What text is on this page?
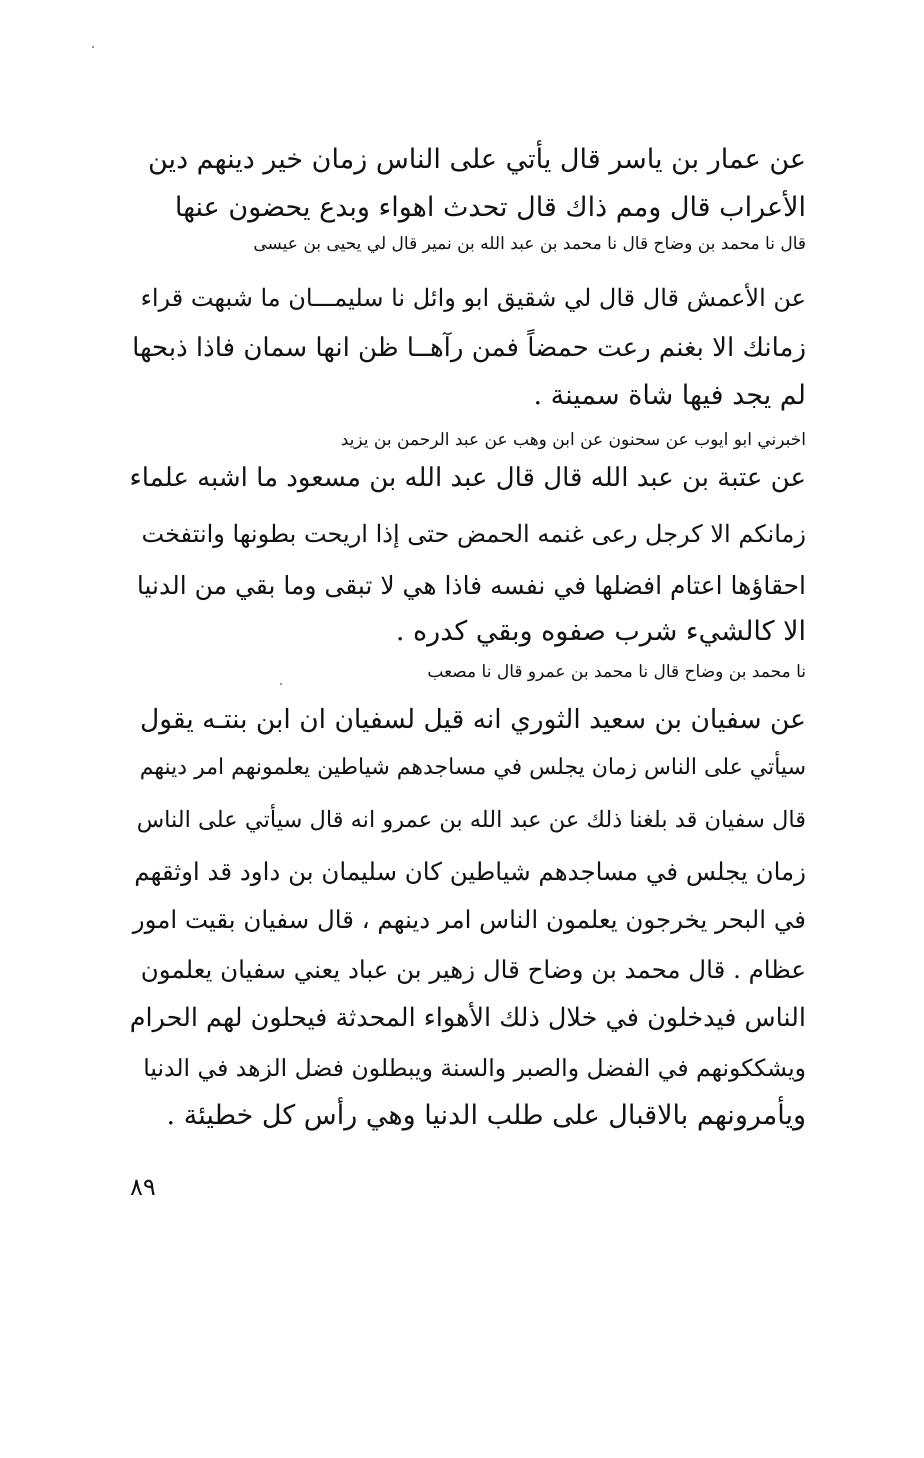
عن عمار بن ياسر قال يأتي على الناس زمان خير دينهم دين
الأعراب قال ومم ذاك قال تحدث اهواء وبدع يحضون عنها
قال نا محمد بن وضاح قال نا محمد بن عبد الله بن نمير قال لي يحيى بن عيسى
عن الأعمش قال قال لي شقيق ابو وائل نا سليمـــان ما شبهت قراء
زمانك الا بغنم رعت حمضاً فمن رآهــا ظن انها سمان فاذا ذبحها
لم يجد فيها شاة سمينة .
اخبرني ابو ايوب عن سحنون عن ابن وهب عن عبد الرحمن بن يزيد
عن عتبة بن عبد الله قال قال عبد الله بن مسعود ما اشبه علماء
زمانكم الا كرجل رعى غنمه الحمض حتى إذا اريحت بطونها وانتفخت
احقاؤها اعتام افضلها في نفسه فاذا هي لا تبقى وما بقي من الدنيا
الا كالشيء شرب صفوه وبقي كدره .
نا محمد بن وضاح قال نا محمد بن عمرو قال نا مصعب
عن سفيان بن سعيد الثوري انه قيل لسفيان ان ابن بنتـه يقول
سيأتي على الناس زمان يجلس في مساجدهم شياطين يعلمونهم امر دينهم
قال سفيان قد بلغنا ذلك عن عبد الله بن عمرو انه قال سيأتي على الناس
زمان يجلس في مساجدهم شياطين كان سليمان بن داود قد اوثقهم
في البحر يخرجون يعلمون الناس امر دينهم ، قال سفيان بقيت امور
عظام . قال محمد بن وضاح قال زهير بن عباد يعني سفيان يعلمون
الناس فيدخلون في خلال ذلك الأهواء المحدثة فيحلون لهم الحرام
ويشككونهم في الفضل والصبر والسنة ويبطلون فضل الزهد في الدنيا
ويأمرونهم بالاقبال على طلب الدنيا وهي رأس كل خطيئة .
٨٩
